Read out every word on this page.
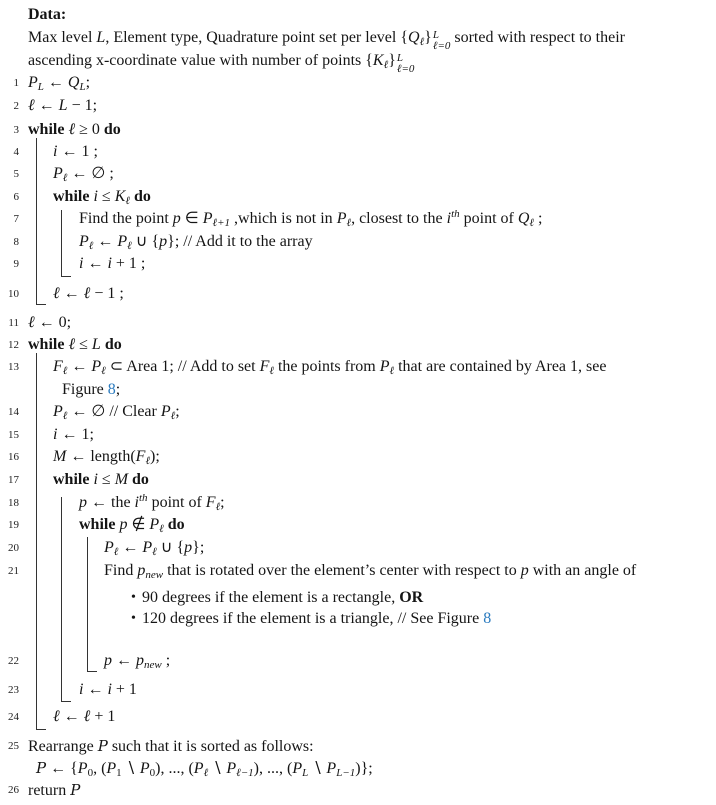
Data:
Max level L, Element type, Quadrature point set per level {Qℓ} L
ℓ=0 sorted with respect to their
ascending x-coordinate value with number of points {Kℓ} L
ℓ=0
1 PL ← QL;
2 ℓ ← L − 1;
3 while ℓ ≥ 0 do
4 i ← 1 ;
5 Pℓ ← ∅ ;
6 while i ≤ Kℓ do
7	Find the point p ∈ Pℓ+1 ,which is not in Pℓ, closest to the $i^{th}$ point of Qℓ ;
8	Pℓ ← Pℓ ∪ {p}; // Add it to the array
9	i ← i + 1 ;
10 ℓ ← ℓ − 1 ;
11 ℓ ← 0;
12 while ℓ ≤ L do
13 Fℓ ← Pℓ ⊂ Area 1; // Add to set Fℓ the points from Pℓ that are contained by Area 1, see
Figure 8;
14 Pℓ ← ∅ // Clear Pℓ;
15 i ← 1;
16 M ← length(Fℓ);
17 while i ≤ M do
18	p ← the $i^{th}$ point of Fℓ;
19	while p ∉ Pℓ do
20	Pℓ ← Pℓ ∪ {p};
21	Find pnew that is rotated over the element’s center with respect to p with an angle of
• 90 degrees if the element is a rectangle, OR
• 120 degrees if the element is a triangle, // See Figure 8
22	p ← pnew ;
23	i ← i + 1
24 ℓ ← ℓ + 1
25 Rearrange P such that it is sorted as follows:
P ← {$P_0$, ($P_1$ ∖ $P_0$), ..., (Pℓ ∖ Pℓ−1), ..., (PL ∖ PL−1)};
26 return P
